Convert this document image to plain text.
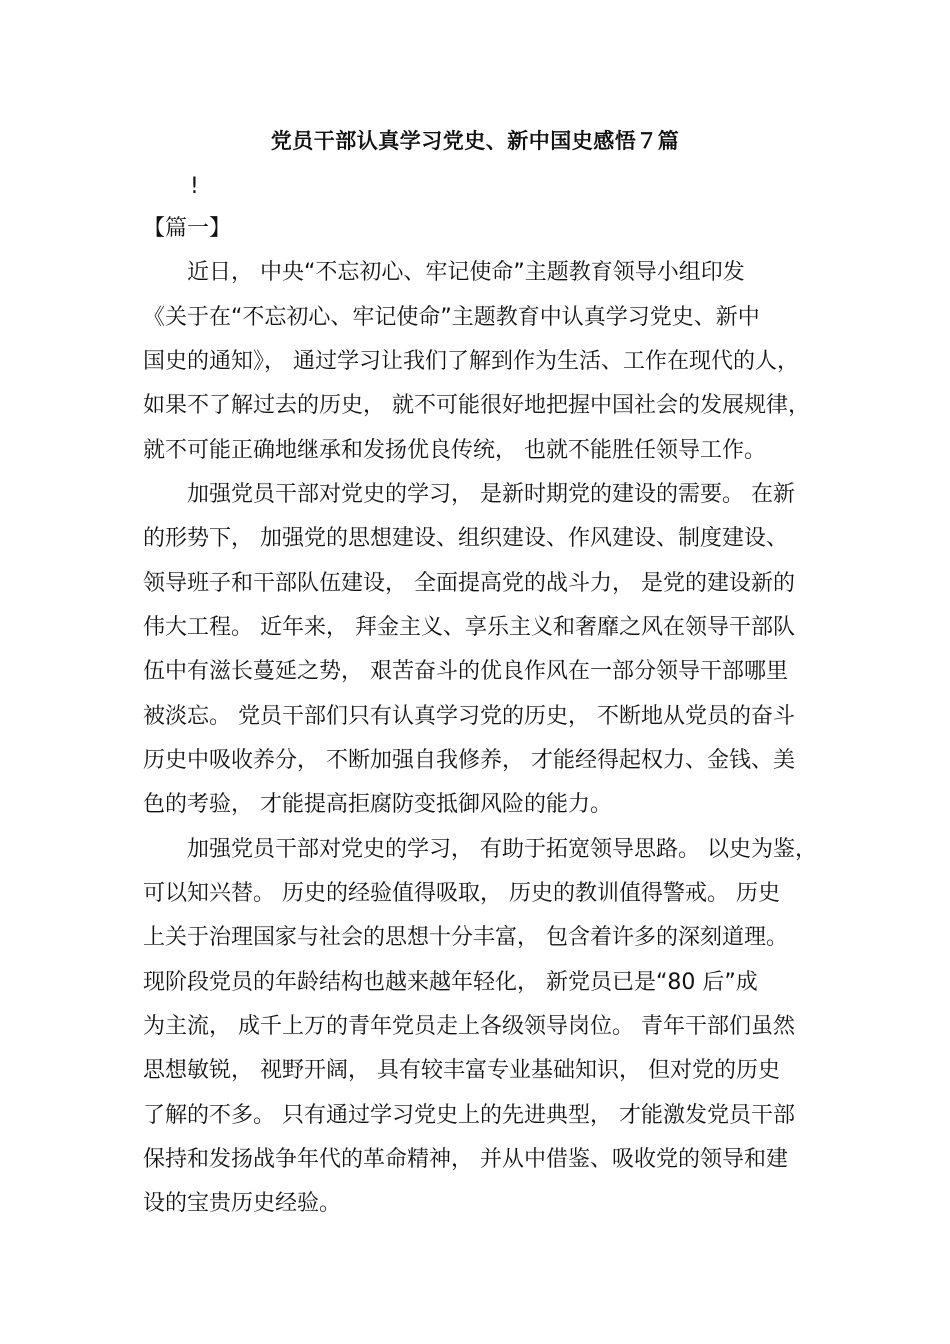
党员干部认真学习党史、新中国史感悟７篇
!
【篇一】
　　近日， 中央“不忘初心、牢记使命”主题教育领导小组印发
《关于在“不忘初心、牢记使命”主题教育中认真学习党史、新中
国史的通知》， 通过学习让我们了解到作为生活、工作在现代的人，
如果不了解过去的历史， 就不可能很好地把握中国社会的发展规律，
就不可能正确地继承和发扬优良传统， 也就不能胜任领导工作。
　　加强党员干部对党史的学习， 是新时期党的建设的需要。 在新
的形势下， 加强党的思想建设、组织建设、作风建设、制度建设、
领导班子和干部队伍建设， 全面提高党的战斗力， 是党的建设新的
伟大工程。 近年来， 拜金主义、享乐主义和奢靡之风在领导干部队
伍中有滋长蔓延之势， 艰苦奋斗的优良作风在一部分领导干部哪里
被淡忘。 党员干部们只有认真学习党的历史， 不断地从党员的奋斗
历史中吸收养分， 不断加强自我修养， 才能经得起权力、金钱、美
色的考验， 才能提高拒腐防变抵御风险的能力。
　　加强党员干部对党史的学习， 有助于拓宽领导思路。 以史为鉴，
可以知兴替。 历史的经验值得吸取， 历史的教训值得警戒。 历史
上关于治理国家与社会的思想十分丰富， 包含着许多的深刻道理。
现阶段党员的年龄结构也越来越年轻化， 新党员已是“80 后”成
为主流， 成千上万的青年党员走上各级领导岗位。 青年干部们虽然
思想敏锐， 视野开阔， 具有较丰富专业基础知识， 但对党的历史
了解的不多。 只有通过学习党史上的先进典型， 才能激发党员干部
保持和发扬战争年代的革命精神， 并从中借鉴、吸收党的领导和建
设的宝贵历史经验。
